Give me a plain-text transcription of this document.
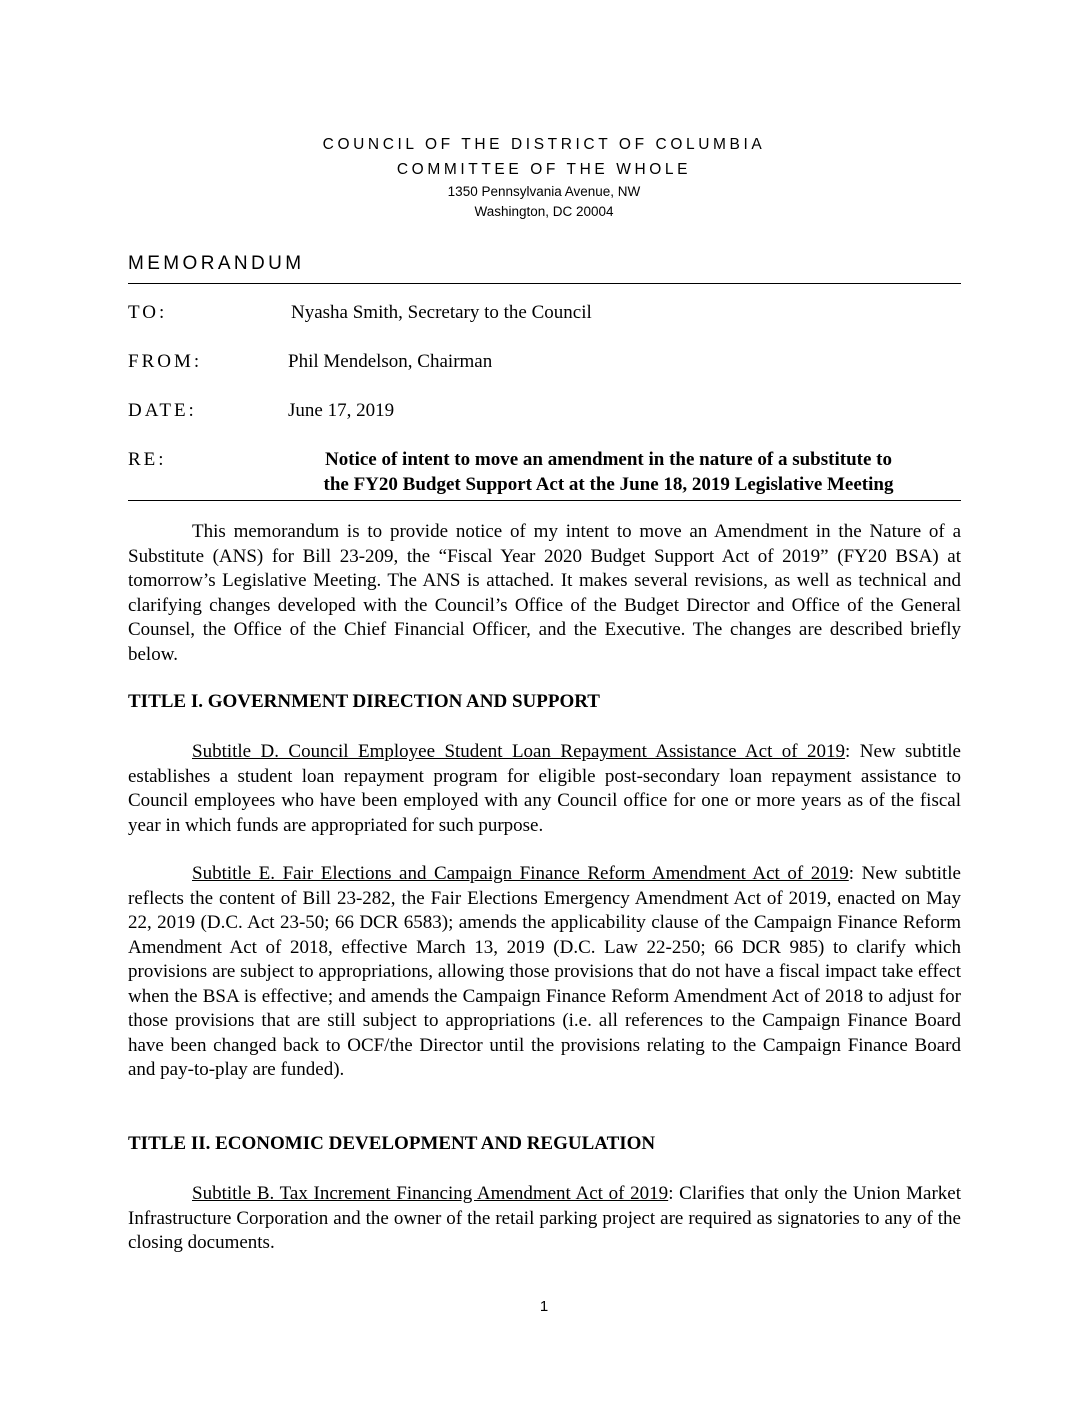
COUNCIL OF THE DISTRICT OF COLUMBIA
COMMITTEE OF THE WHOLE
1350 Pennsylvania Avenue, NW
Washington, DC 20004
MEMORANDUM
TO:	Nyasha Smith, Secretary to the Council
FROM:	Phil Mendelson, Chairman
DATE:	June 17, 2019
RE:	Notice of intent to move an amendment in the nature of a substitute to
the FY20 Budget Support Act at the June 18, 2019 Legislative Meeting

This memorandum is to provide notice of my intent to move an Amendment in the Nature of a Substitute (ANS) for Bill 23-209, the “Fiscal Year 2020 Budget Support Act of 2019” (FY20 BSA) at tomorrow’s Legislative Meeting. The ANS is attached. It makes several revisions, as well as technical and clarifying changes developed with the Council’s Office of the Budget Director and Office of the General Counsel, the Office of the Chief Financial Officer, and the Executive. The changes are described briefly below.

TITLE I. GOVERNMENT DIRECTION AND SUPPORT

Subtitle D. Council Employee Student Loan Repayment Assistance Act of 2019: New subtitle establishes a student loan repayment program for eligible post-secondary loan repayment assistance to Council employees who have been employed with any Council office for one or more years as of the fiscal year in which funds are appropriated for such purpose.

Subtitle E. Fair Elections and Campaign Finance Reform Amendment Act of 2019: New subtitle reflects the content of Bill 23-282, the Fair Elections Emergency Amendment Act of 2019, enacted on May 22, 2019 (D.C. Act 23-50; 66 DCR 6583); amends the applicability clause of the Campaign Finance Reform Amendment Act of 2018, effective March 13, 2019 (D.C. Law 22-250; 66 DCR 985) to clarify which provisions are subject to appropriations, allowing those provisions that do not have a fiscal impact take effect when the BSA is effective; and amends the Campaign Finance Reform Amendment Act of 2018 to adjust for those provisions that are still subject to appropriations (i.e. all references to the Campaign Finance Board have been changed back to OCF/the Director until the provisions relating to the Campaign Finance Board and pay-to-play are funded).

TITLE II. ECONOMIC DEVELOPMENT AND REGULATION

Subtitle B. Tax Increment Financing Amendment Act of 2019: Clarifies that only the Union Market Infrastructure Corporation and the owner of the retail parking project are required as signatories to any of the closing documents.

1
